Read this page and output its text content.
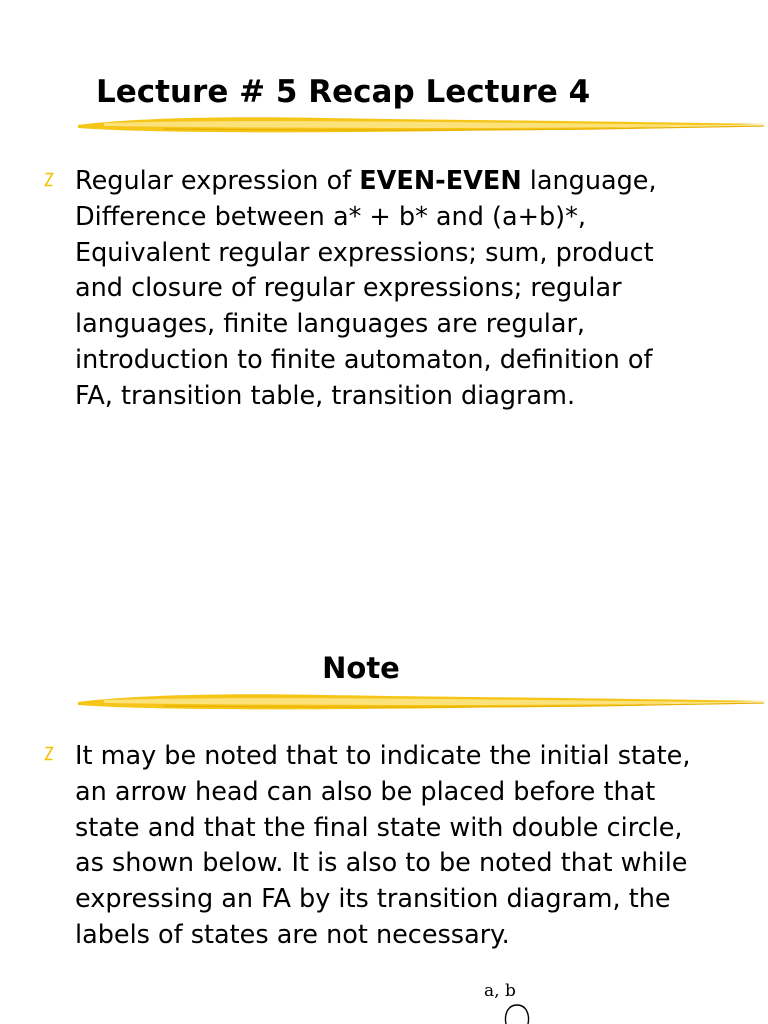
Lecture # 5 Recap Lecture 4

Regular expression of EVEN-EVEN language,
Difference between a* + b* and (a+b)*,
Equivalent regular expressions; sum, product
and closure of regular expressions; regular
languages, finite languages are regular,
introduction to finite automaton, definition of
FA, transition table, transition diagram.

Note

It may be noted that to indicate the initial state,
an arrow head can also be placed before that
state and that the final state with double circle,
as shown below. It is also to be noted that while
expressing an FA by its transition diagram, the
labels of states are not necessary.

a, b
